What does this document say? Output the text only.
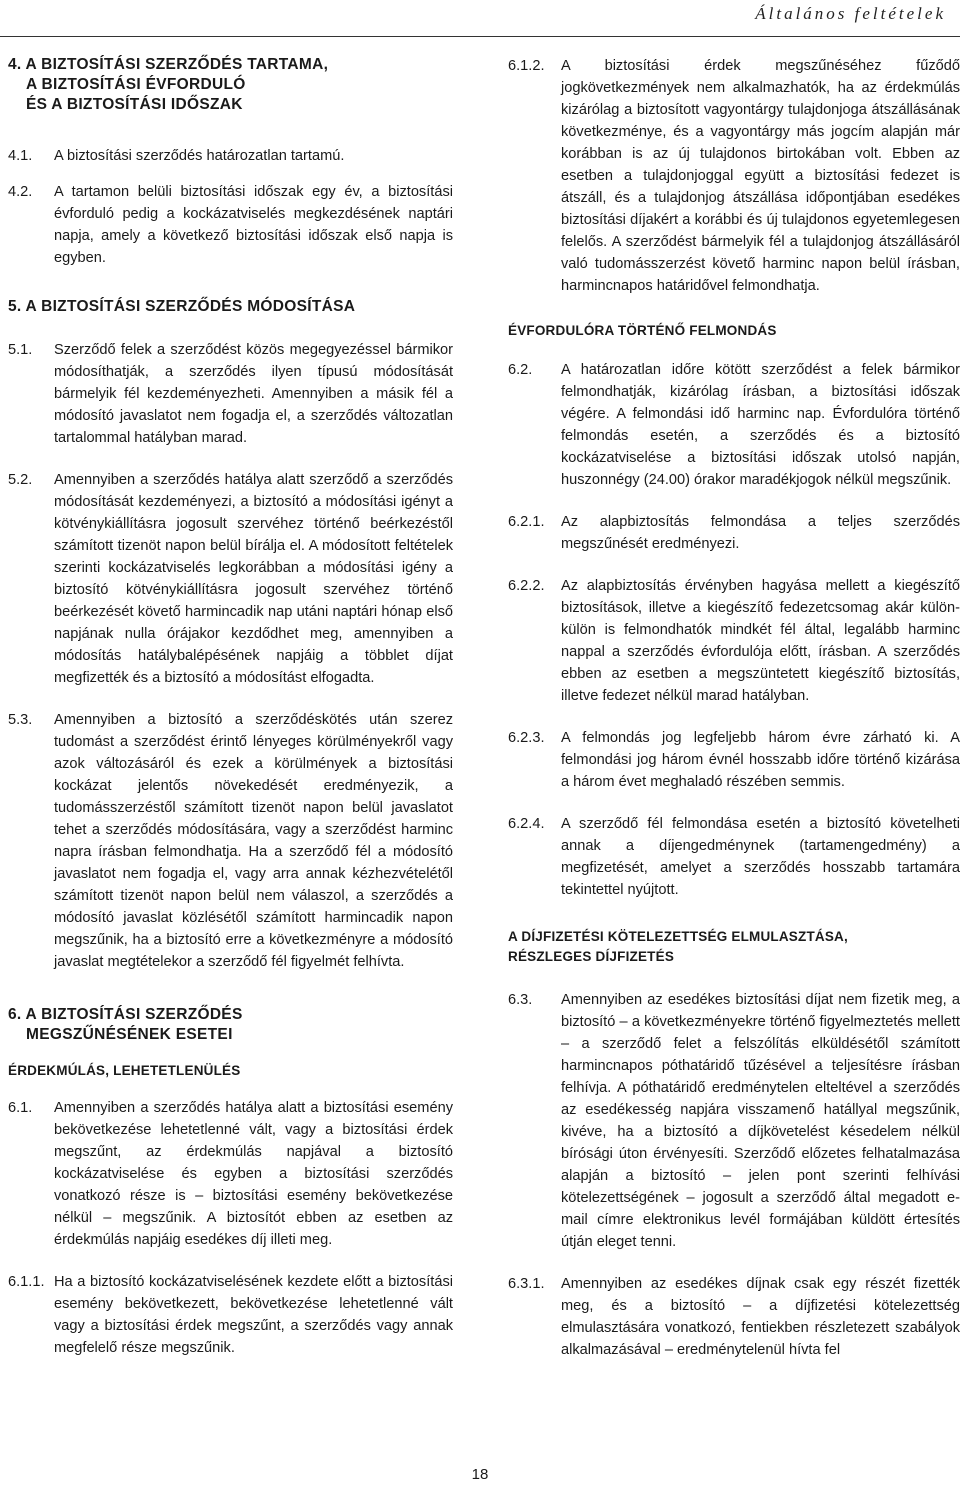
Általános feltételek
4. A BIZTOSÍTÁSI SZERZŐDÉS TARTAMA,
A BIZTOSÍTÁSI ÉVFORDULÓ
ÉS A BIZTOSÍTÁSI IDŐSZAK
4.1.	A biztosítási szerződés határozatlan tartamú.
4.2.	A tartamon belüli biztosítási időszak egy év, a biztosítási évforduló pedig a kockázatviselés megkezdésének naptári napja, amely a következő biztosítási időszak első napja is egyben.
5. A BIZTOSÍTÁSI SZERZŐDÉS MÓDOSÍTÁSA
5.1.	Szerződő felek a szerződést közös megegyezéssel bármikor módosíthatják, a szerződés ilyen típusú módosítását bármelyik fél kezdeményezheti. Amennyiben a másik fél a módosító javaslatot nem fogadja el, a szerződés változatlan tartalommal hatályban marad.
5.2.	Amennyiben a szerződés hatálya alatt szerződő a szerződés módosítását kezdeményezi, a biztosító a módosítási igényt a kötvénykiállításra jogosult szervéhez történő beérkezéstől számított tizenöt napon belül bírálja el. A módosított feltételek szerinti kockázatviselés legkorábban a módosítási igény a biztosító kötvénykiállításra jogosult szervéhez történő beérkezését követő harmincadik nap utáni naptári hónap első napjának nulla órájakor kezdődhet meg, amennyiben a módosítás hatálybalépésének napjáig a többlet díjat megfizették és a biztosító a módosítást elfogadta.
5.3.	Amennyiben a biztosító a szerződéskötés után szerez tudomást a szerződést érintő lényeges körülményekről vagy azok változásáról és ezek a körülmények a biztosítási kockázat jelentős növekedését eredményezik, a tudomásszerzéstől számított tizenöt napon belül javaslatot tehet a szerződés módosítására, vagy a szerződést harminc napra írásban felmondhatja. Ha a szerződő fél a módosító javaslatot nem fogadja el, vagy arra annak kézhezvételétől számított tizenöt napon belül nem válaszol, a szerződés a módosító javaslat közlésétől számított harmincadik napon megszűnik, ha a biztosító erre a következményre a módosító javaslat megtételekor a szerződő fél figyelmét felhívta.
6. A BIZTOSÍTÁSI SZERZŐDÉS
MEGSZŰNÉSÉNEK ESETEI
ÉRDEKMÚLÁS, LEHETETLENÜLÉS
6.1.	Amennyiben a szerződés hatálya alatt a biztosítási esemény bekövetkezése lehetetlenné vált, vagy a biztosítási érdek megszűnt, az érdekmúlás napjával a biztosító kockázatviselése és egyben a biztosítási szerződés vonatkozó része is – biztosítási esemény bekövetkezése nélkül – megszűnik. A biztosítót ebben az esetben az érdekmúlás napjáig esedékes díj illeti meg.
6.1.1. Ha a biztosító kockázatviselésének kezdete előtt a biztosítási esemény bekövetkezett, bekövetkezése lehetetlenné vált vagy a biztosítási érdek megszűnt, a szerződés vagy annak megfelelő része megszűnik.
6.1.2.	A biztosítási érdek megszűnéséhez fűződő jogkövetkezmények nem alkalmazhatók, ha az érdekmúlás kizárólag a biztosított vagyontárgy tulajdonjoga átszállásának következménye, és a vagyontárgy más jogcím alapján már korábban is az új tulajdonos birtokában volt. Ebben az esetben a tulajdonjoggal együtt a biztosítási fedezet is átszáll, és a tulajdonjog átszállása időpontjában esedékes biztosítási díjakért a korábbi és új tulajdonos egyetemlegesen felelős. A szerződést bármelyik fél a tulajdonjog átszállásáról való tudomásszerzést követő harminc napon belül írásban, harmincnapos határidővel felmondhatja.
ÉVFORDULÓRA TÖRTÉNŐ FELMONDÁS
6.2.	A határozatlan időre kötött szerződést a felek bármikor felmondhatják, kizárólag írásban, a biztosítási időszak végére. A felmondási idő harminc nap. Évfordulóra történő felmondás esetén, a szerződés és a biztosító kockázatviselése a biztosítási időszak utolsó napján, huszonnégy (24.00) órakor maradékjogok nélkül megszűnik.
6.2.1.	Az alapbiztosítás felmondása a teljes szerződés megszűnését eredményezi.
6.2.2.	Az alapbiztosítás érvényben hagyása mellett a kiegészítő biztosítások, illetve a kiegészítő fedezetcsomag akár külön-külön is felmondhatók mindkét fél által, legalább harminc nappal a szerződés évfordulója előtt, írásban. A szerződés ebben az esetben a megszüntetett kiegészítő biztosítás, illetve fedezet nélkül marad hatályban.
6.2.3.	A felmondás jog legfeljebb három évre zárható ki. A felmondási jog három évnél hosszabb időre történő kizárása a három évet meghaladó részében semmis.
6.2.4.	A szerződő fél felmondása esetén a biztosító követelheti annak a díjengedménynek (tartamengedmény) a megfizetését, amelyet a szerződés hosszabb tartamára tekintettel nyújtott.
A DÍJFIZETÉSI KÖTELEZETTSÉG ELMULASZTÁSA,
RÉSZLEGES DÍJFIZETÉS
6.3.	Amennyiben az esedékes biztosítási díjat nem fizetik meg, a biztosító – a következményekre történő figyelmeztetés mellett – a szerződő felet a felszólítás elküldésétől számított harmincnapos póthatáridő tűzésével a teljesítésre írásban felhívja. A póthatáridő eredménytelen elteltével a szerződés az esedékesség napjára visszamenő hatállyal megszűnik, kivéve, ha a biztosító a díjkövetelést késedelem nélkül bírósági úton érvényesíti. Szerződő előzetes felhatalmazása alapján a biztosító – jelen pont szerinti felhívási kötelezettségének – jogosult a szerződő által megadott e-mail címre elektronikus levél formájában küldött értesítés útján eleget tenni.
6.3.1.	Amennyiben az esedékes díjnak csak egy részét fizették meg, és a biztosító – a díjfizetési kötelezettség elmulasztására vonatkozó, fentiekben részletezett szabályok alkalmazásával – eredménytelenül hívta fel
18
